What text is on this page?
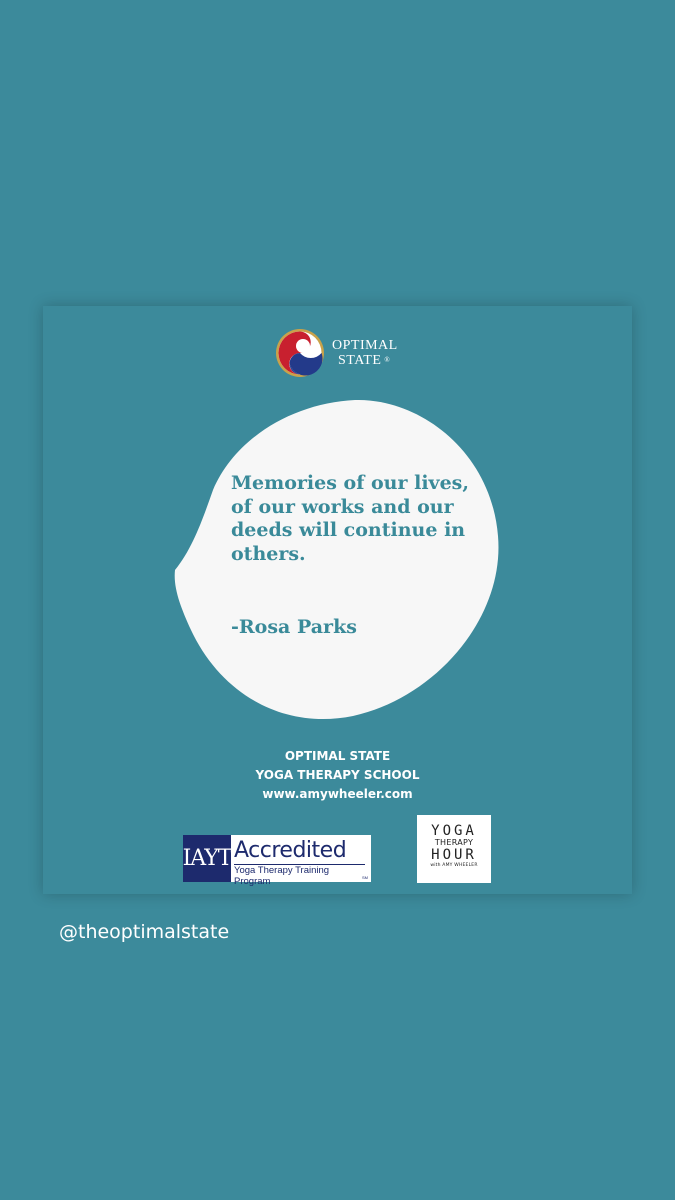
OPTIMAL
STATE ®
Memories of our lives, of our works and our deeds will continue in others.
-Rosa Parks
OPTIMAL STATE
YOGA THERAPY SCHOOL
www.amywheeler.com
IAYT Accredited
Yoga Therapy Training Program	SM
YOGA
THERAPY
HOUR
with AMY WHEELER
@theoptimalstate
